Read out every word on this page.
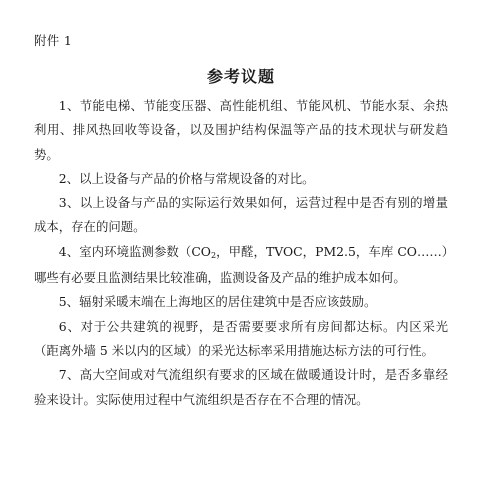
附件 1
参考议题

1、节能电梯、节能变压器、高性能机组、节能风机、节能水泵、余热利用、排风热回收等设备，以及围护结构保温等产品的技术现状与研发趋势。

2、以上设备与产品的价格与常规设备的对比。

3、以上设备与产品的实际运行效果如何，运营过程中是否有别的增量成本，存在的问题。

4、室内环境监测参数（$CO_2$，甲醛，TVOC，PM2.5，车库 CO……）哪些有必要且监测结果比较准确，监测设备及产品的维护成本如何。

5、辐射采暖末端在上海地区的居住建筑中是否应该鼓励。

6、对于公共建筑的视野，是否需要要求所有房间都达标。内区采光（距离外墙 5 米以内的区域）的采光达标率采用措施达标方法的可行性。

7、高大空间或对气流组织有要求的区域在做暖通设计时，是否多靠经验来设计。实际使用过程中气流组织是否存在不合理的情况。
